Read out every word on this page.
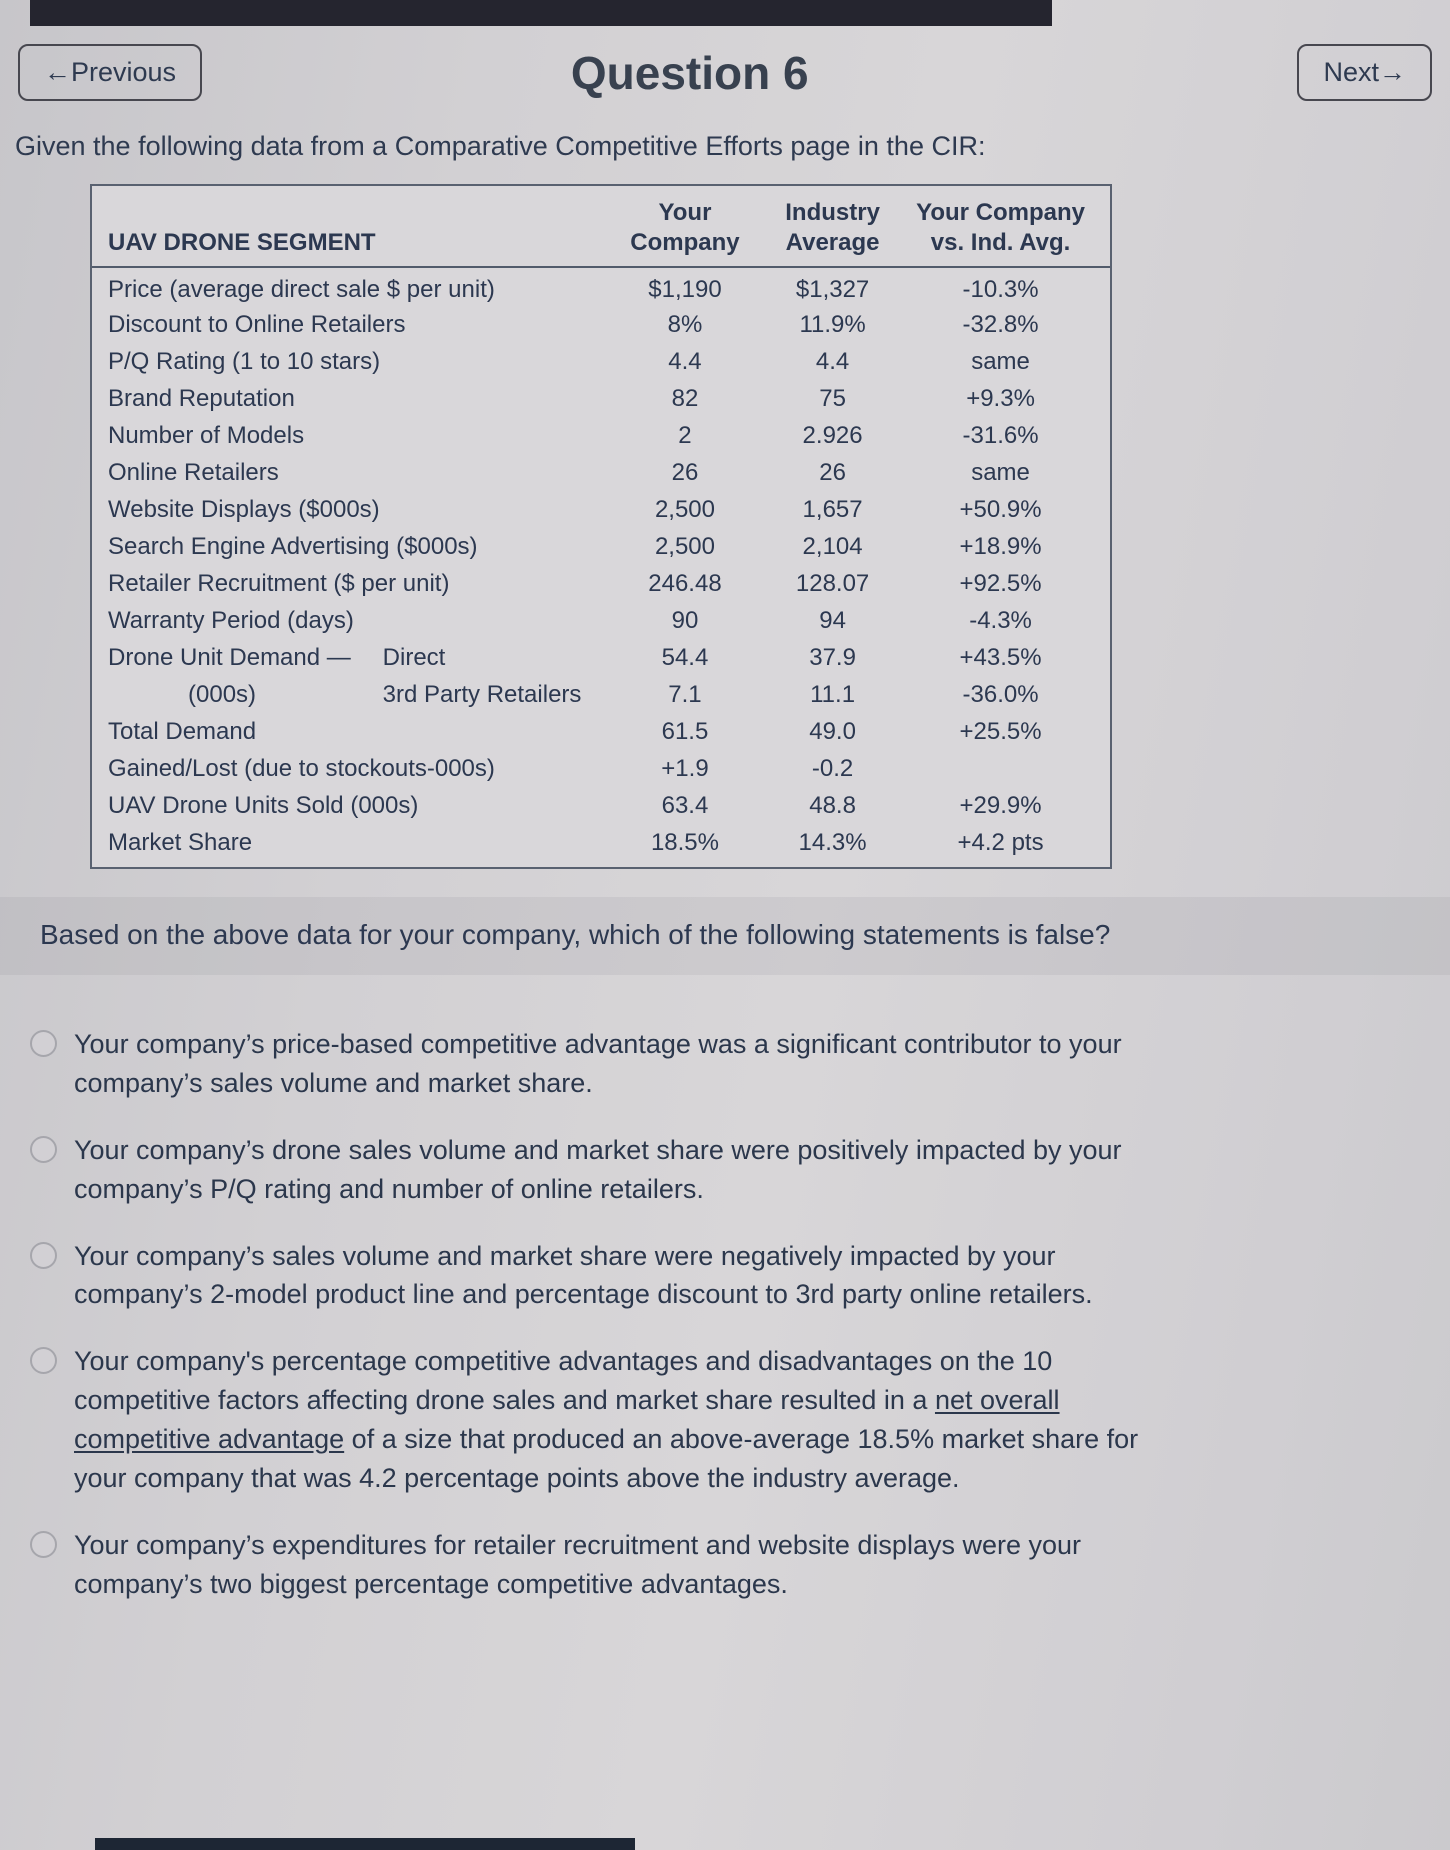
←Previous	Question 6	Next→

Given the following data from a Comparative Competitive Efforts page in the CIR:

	Your	Industry	Your Company
UAV DRONE SEGMENT	Company	Average	vs. Ind. Avg.
Price (average direct sale $ per unit)	$1,190	$1,327	-10.3%
Discount to Online Retailers	8%	11.9%	-32.8%
P/Q Rating (1 to 10 stars)	4.4	4.4	same
Brand Reputation	82	75	+9.3%
Number of Models	2	2.926	-31.6%
Online Retailers	26	26	same
Website Displays ($000s)	2,500	1,657	+50.9%
Search Engine Advertising ($000s)	2,500	2,104	+18.9%
Retailer Recruitment ($ per unit)	246.48	128.07	+92.5%
Warranty Period (days)	90	94	-4.3%
Drone Unit Demand — Direct	54.4	37.9	+43.5%
(000s) 3rd Party Retailers	7.1	11.1	-36.0%
Total Demand	61.5	49.0	+25.5%
Gained/Lost (due to stockouts-000s)	+1.9	-0.2	
UAV Drone Units Sold (000s)	63.4	48.8	+29.9%
Market Share	18.5%	14.3%	+4.2 pts

Based on the above data for your company, which of the following statements is false?

Your company’s price-based competitive advantage was a significant contributor to your company’s sales volume and market share.

Your company’s drone sales volume and market share were positively impacted by your company’s P/Q rating and number of online retailers.

Your company’s sales volume and market share were negatively impacted by your company’s 2-model product line and percentage discount to 3rd party online retailers.

Your company's percentage competitive advantages and disadvantages on the 10 competitive factors affecting drone sales and market share resulted in a net overall competitive advantage of a size that produced an above-average 18.5% market share for your company that was 4.2 percentage points above the industry average.

Your company’s expenditures for retailer recruitment and website displays were your company’s two biggest percentage competitive advantages.
